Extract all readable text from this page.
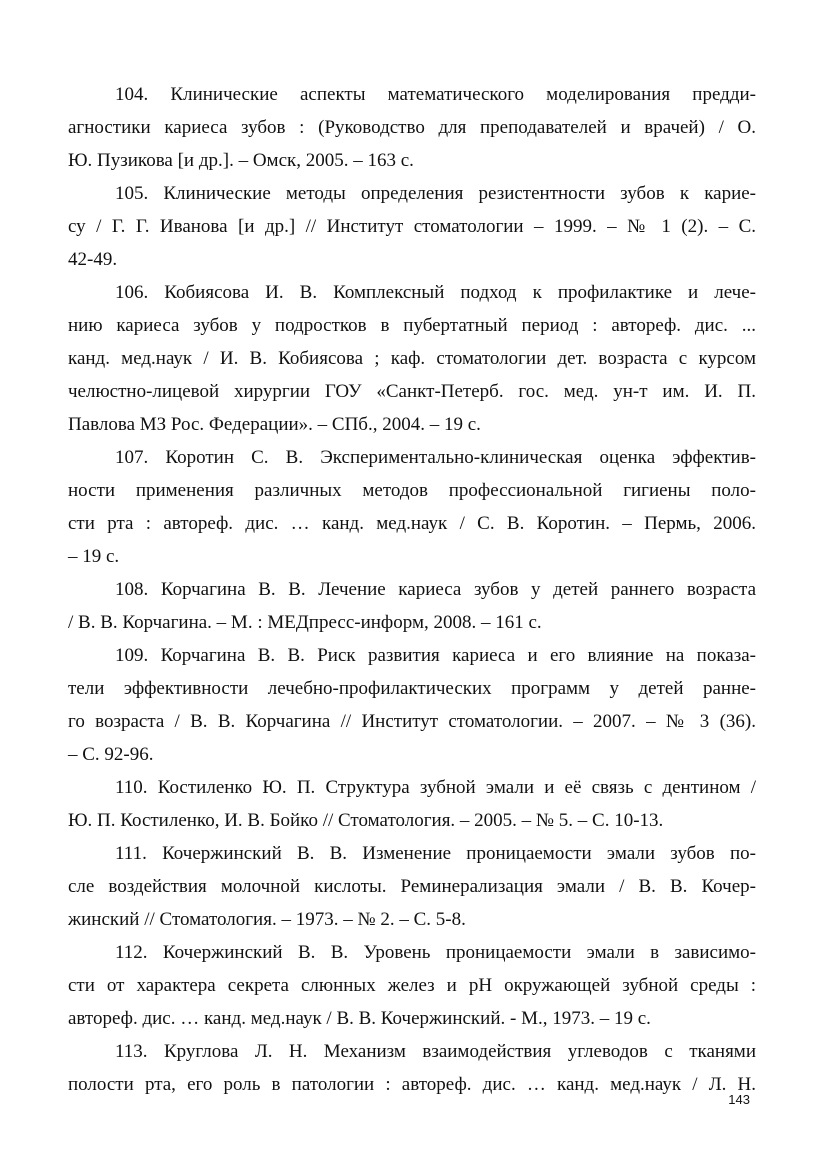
104. Клинические аспекты математического моделирования предди-
агностики кариеса зубов : (Руководство для преподавателей и врачей) / О.
Ю. Пузикова [и др.]. – Омск, 2005. – 163 с.
105. Клинические методы определения резистентности зубов к карие-
су / Г. Г. Иванова [и др.] // Институт стоматологии – 1999. – № 1 (2). – С.
42-49.
106. Кобиясова И. В. Комплексный подход к профилактике и лече-
нию кариеса зубов у подростков в пубертатный период : автореф. дис. ...
канд. мед.наук / И. В. Кобиясова ; каф. стоматологии дет. возраста с курсом
челюстно-лицевой хирургии ГОУ «Санкт-Петерб. гос. мед. ун-т им. И. П.
Павлова МЗ Рос. Федерации». – СПб., 2004. – 19 с.
107. Коротин С. В. Экспериментально-клиническая оценка эффектив-
ности применения различных методов профессиональной гигиены поло-
сти рта : автореф. дис. … канд. мед.наук / С. В. Коротин. – Пермь, 2006.
– 19 с.
108. Корчагина В. В. Лечение кариеса зубов у детей раннего возраста
/ В. В. Корчагина. – М. : МЕДпресс-информ, 2008. – 161 с.
109. Корчагина В. В. Риск развития кариеса и его влияние на показа-
тели эффективности лечебно-профилактических программ у детей ранне-
го возраста / В. В. Корчагина // Институт стоматологии. – 2007. – № 3 (36).
– С. 92-96.
110. Костиленко Ю. П. Структура зубной эмали и её связь с дентином /
Ю. П. Костиленко, И. В. Бойко // Стоматология. – 2005. – № 5. – С. 10-13.
111. Кочержинский В. В. Изменение проницаемости эмали зубов по-
сле воздействия молочной кислоты. Реминерализация эмали / В. В. Кочер-
жинский // Стоматология. – 1973. – № 2. – С. 5-8.
112. Кочержинский В. В. Уровень проницаемости эмали в зависимо-
сти от характера секрета слюнных желез и pH окружающей зубной среды :
автореф. дис. … канд. мед.наук / В. В. Кочержинский. - М., 1973. – 19 с.
113. Круглова Л. Н. Механизм взаимодействия углеводов с тканями
полости рта, его роль в патологии : автореф. дис. … канд. мед.наук / Л. Н.
143
